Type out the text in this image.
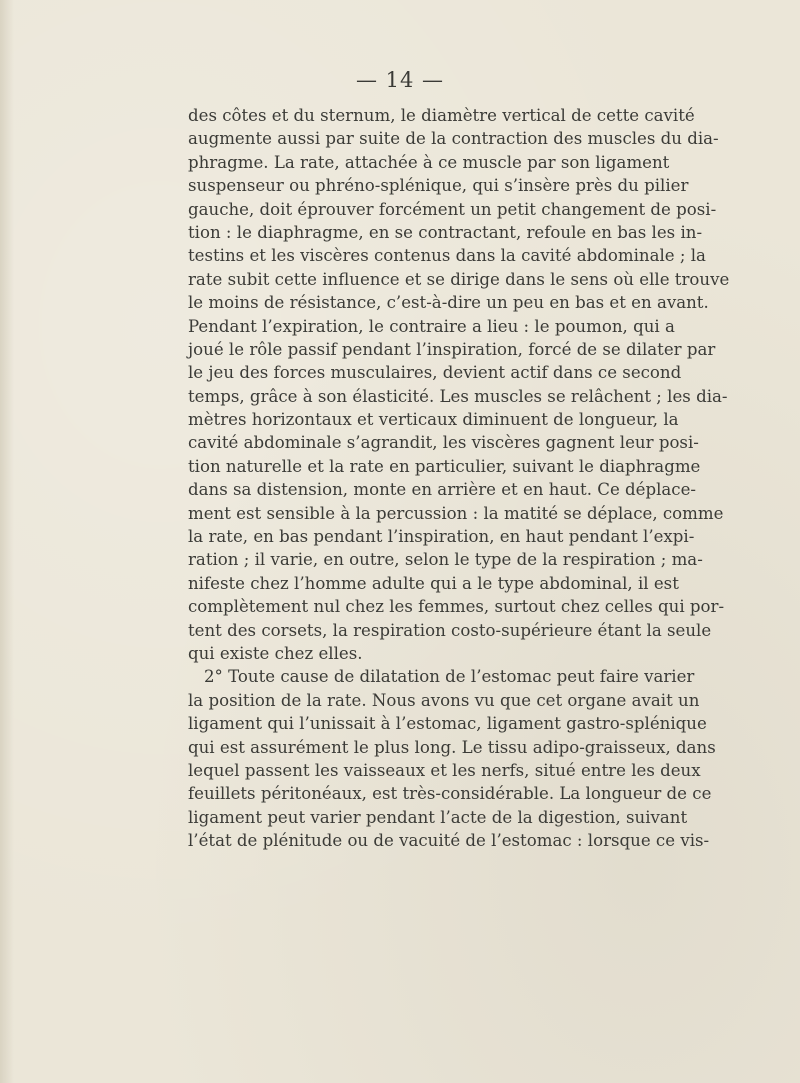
— 14 —
des côtes et du sternum, le diamètre vertical de cette cavité
augmente aussi par suite de la contraction des muscles du dia-
phragme. La rate, attachée à ce muscle par son ligament
suspenseur ou phréno-splénique, qui s’insère près du pilier
gauche, doit éprouver forcément un petit changement de posi-
tion : le diaphragme, en se contractant, refoule en bas les in-
testins et les viscères contenus dans la cavité abdominale ; la
rate subit cette influence et se dirige dans le sens où elle trouve
le moins de résistance, c’est-à-dire un peu en bas et en avant.
Pendant l’expiration, le contraire a lieu : le poumon, qui a
joué le rôle passif pendant l’inspiration, forcé de se dilater par
le jeu des forces musculaires, devient actif dans ce second
temps, grâce à son élasticité. Les muscles se relâchent ; les dia-
mètres horizontaux et verticaux diminuent de longueur, la
cavité abdominale s’agrandit, les viscères gagnent leur posi-
tion naturelle et la rate en particulier, suivant le diaphragme
dans sa distension, monte en arrière et en haut. Ce déplace-
ment est sensible à la percussion : la matité se déplace, comme
la rate, en bas pendant l’inspiration, en haut pendant l’expi-
ration ; il varie, en outre, selon le type de la respiration ; ma-
nifeste chez l’homme adulte qui a le type abdominal, il est
complètement nul chez les femmes, surtout chez celles qui por-
tent des corsets, la respiration costo-supérieure étant la seule
qui existe chez elles.
2° Toute cause de dilatation de l’estomac peut faire varier
la position de la rate. Nous avons vu que cet organe avait un
ligament qui l’unissait à l’estomac, ligament gastro-splénique
qui est assurément le plus long. Le tissu adipo-graisseux, dans
lequel passent les vaisseaux et les nerfs, situé entre les deux
feuillets péritonéaux, est très-considérable. La longueur de ce
ligament peut varier pendant l’acte de la digestion, suivant
l’état de plénitude ou de vacuité de l’estomac : lorsque ce vis-
